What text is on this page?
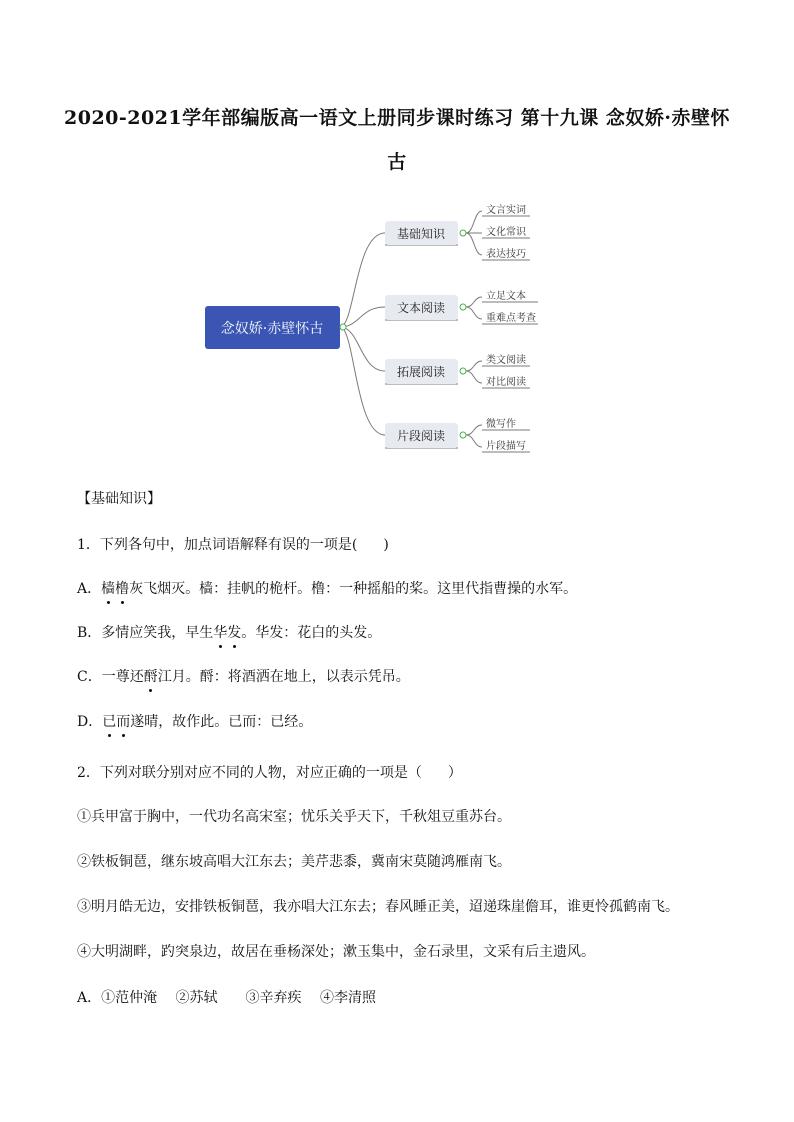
2020-2021学年部编版高一语文上册同步课时练习 第十九课 念奴娇·赤壁怀古
念奴娇·赤壁怀古
基础知识
文本阅读
拓展阅读
片段阅读
文言实词
文化常识
表达技巧
立足文本
重难点考查
类文阅读
对比阅读
微写作
片段描写
【基础知识】
1．下列各句中，加点词语解释有误的一项是( )
A．樯橹灰飞烟灭。樯：挂帆的桅杆。橹：一种摇船的桨。这里代指曹操的水军。
B．多情应笑我，早生华发。华发：花白的头发。
C．一尊还酹江月。酹：将酒洒在地上，以表示凭吊。
D．已而遂晴，故作此。已而：已经。
2．下列对联分别对应不同的人物，对应正确的一项是（ ）
①兵甲富于胸中，一代功名高宋室；忧乐关乎天下，千秋俎豆重苏台。
②铁板铜琶，继东坡高唱大江东去；美芹悲黍，冀南宋莫随鸿雁南飞。
③明月皓无边，安排铁板铜琶，我亦唱大江东去；春风睡正美，迢递珠崖儋耳，谁更怜孤鹤南飞。
④大明湖畔，趵突泉边，故居在垂杨深处；漱玉集中，金石录里，文采有后主遗风。
A．①范仲淹　 ②苏轼　　③辛弃疾　 ④李清照
